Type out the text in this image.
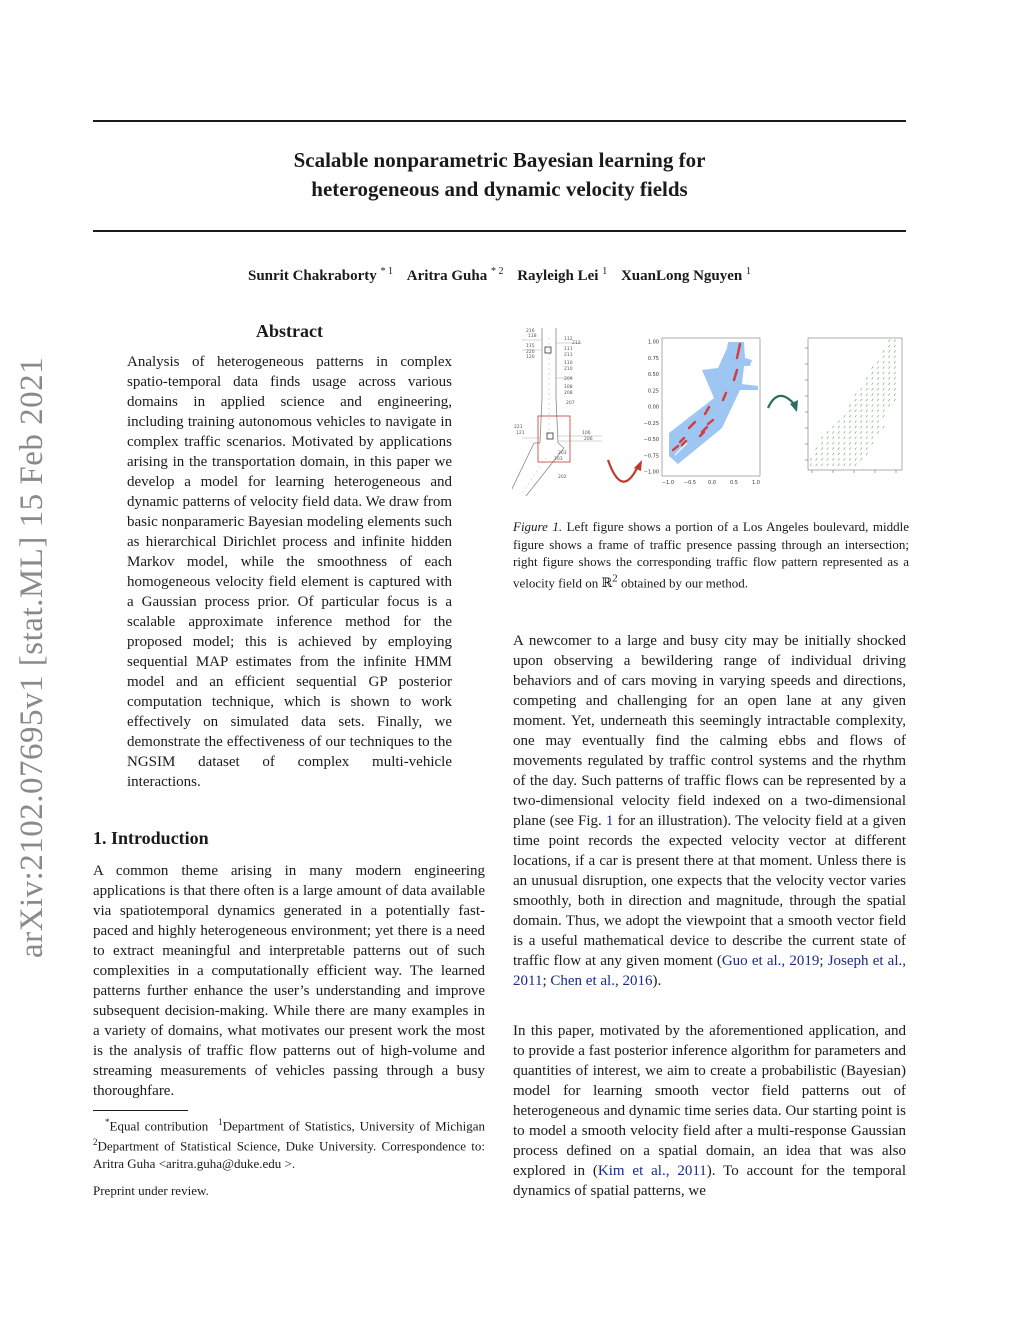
Scalable nonparametric Bayesian learning for
heterogeneous and dynamic velocity fields
Sunrit Chakraborty $^{* 1}$ Aritra Guha $^{* 2}$ Rayleigh Lei $^1$ XuanLong Nguyen $^1$
arXiv:2102.07695v1 [stat.ML] 15 Feb 2021
Abstract

Analysis of heterogeneous patterns in complex spatio-temporal data finds usage across various domains in applied science and engineering, including training autonomous vehicles to navigate in complex traffic scenarios. Motivated by applications arising in the transportation domain, in this paper we develop a model for learning heterogeneous and dynamic patterns of velocity field data. We draw from basic nonparameric Bayesian modeling elements such as hierarchical Dirichlet process and infinite hidden Markov model, while the smoothness of each homogeneous velocity field element is captured with a Gaussian process prior. Of particular focus is a scalable approximate inference method for the proposed model; this is achieved by employing sequential MAP estimates from the infinite HMM model and an efficient sequential GP posterior computation technique, which is shown to work effectively on simulated data sets. Finally, we demonstrate the effectiveness of our techniques to the NGSIM dataset of complex multi-vehicle interactions.

1. Introduction

A common theme arising in many modern engineering applications is that there often is a large amount of data available via spatiotemporal dynamics generated in a potentially fast-paced and highly heterogeneous environment; yet there is a need to extract meaningful and interpretable patterns out of such complexities in a computationally efficient way. The learned patterns further enhance the user’s understanding and improve subsequent decision-making. While there are many examples in a variety of domains, what motivates our present work the most is the analysis of traffic flow patterns out of high-volume and streaming measurements of vehicles passing through a busy thoroughfare.

*Equal contribution $^1$Department of Statistics, University of Michigan $^2$Department of Statistical Science, Duke University. Correspondence to: Aritra Guha <aritra.guha@duke.edu >.

Preprint under review.
216
118
115
220
120
112
212
111
211
110
210
209
108
208
207
221
121	106
206
203
103
202
1.00
0.75
0.50
0.25
0.00
−0.25
−0.50
−0.75
−1.00
−1.0 −0.5 0.0	0.5	1.0

Figure 1. Left figure shows a portion of a Los Angeles boulevard, middle figure shows a frame of traffic presence passing through an intersection; right figure shows the corresponding traffic flow pattern represented as a velocity field on ℝ$^2$ obtained by our method.

A newcomer to a large and busy city may be initially shocked upon observing a bewildering range of individual driving behaviors and of cars moving in varying speeds and directions, competing and challenging for an open lane at any given moment. Yet, underneath this seemingly intractable complexity, one may eventually find the calming ebbs and flows of movements regulated by traffic control systems and the rhythm of the day. Such patterns of traffic flows can be represented by a two-dimensional velocity field indexed on a two-dimensional plane (see Fig. 1 for an illustration). The velocity field at a given time point records the expected velocity vector at different locations, if a car is present there at that moment. Unless there is an unusual disruption, one expects that the velocity vector varies smoothly, both in direction and magnitude, through the spatial domain. Thus, we adopt the viewpoint that a smooth vector field is a useful mathematical device to describe the current state of traffic flow at any given moment (Guo et al., 2019; Joseph et al., 2011; Chen et al., 2016).

In this paper, motivated by the aforementioned application, and to provide a fast posterior inference algorithm for parameters and quantities of interest, we aim to create a probabilistic (Bayesian) model for learning smooth vector field patterns out of heterogeneous and dynamic time series data. Our starting point is to model a smooth velocity field after a multi-response Gaussian process defined on a spatial domain, an idea that was also explored in (Kim et al., 2011). To account for the temporal dynamics of spatial patterns, we
